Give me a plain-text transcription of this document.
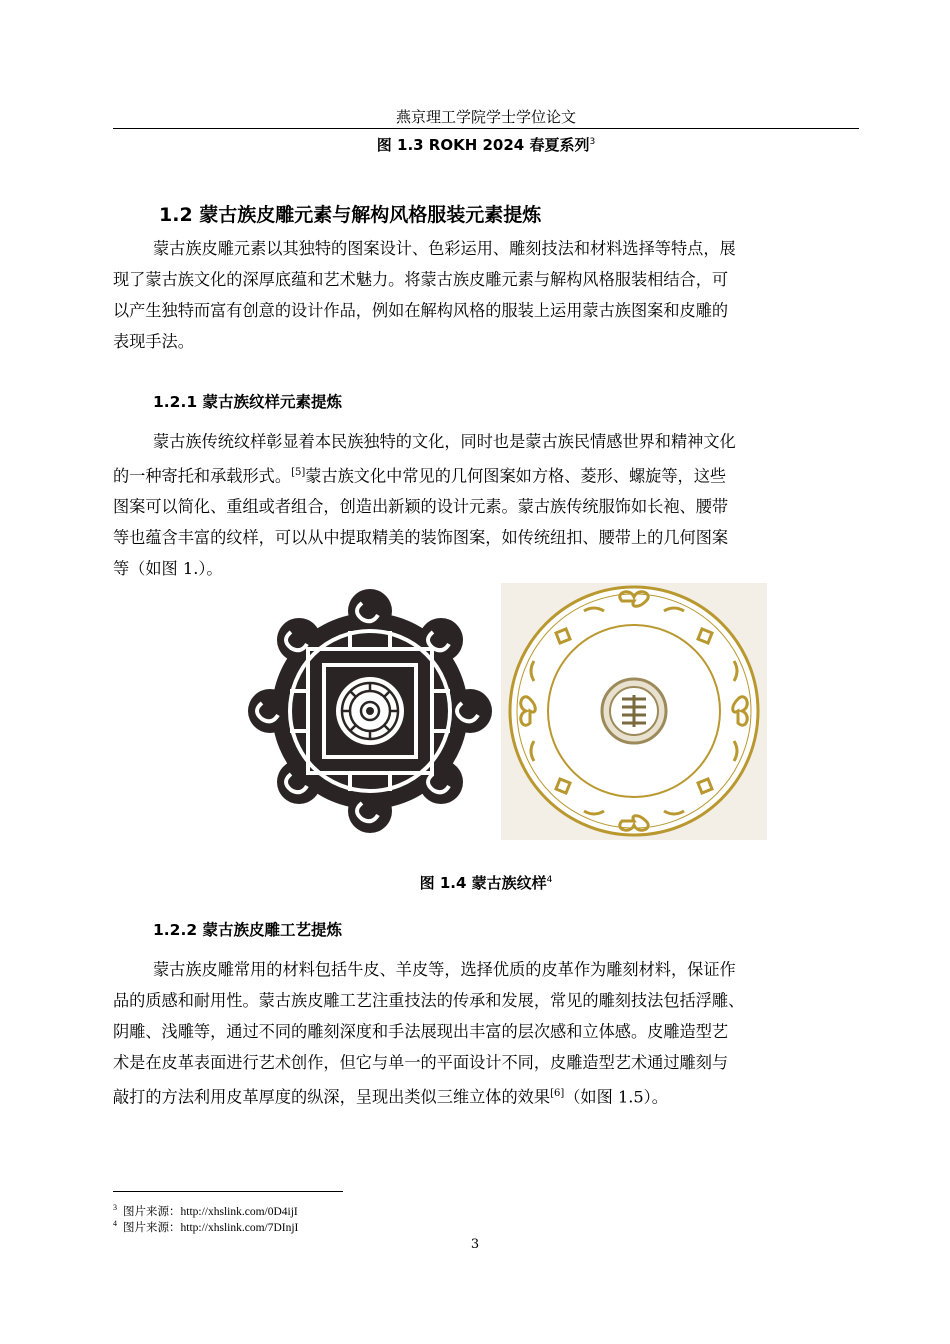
燕京理工学院学士学位论文
图 1.3 ROKH 2024 春夏系列$^3$
1.2 蒙古族皮雕元素与解构风格服装元素提炼
蒙古族皮雕元素以其独特的图案设计、色彩运用、雕刻技法和材料选择等特点，展
现了蒙古族文化的深厚底蕴和艺术魅力。将蒙古族皮雕元素与解构风格服装相结合，可
以产生独特而富有创意的设计作品，例如在解构风格的服装上运用蒙古族图案和皮雕的
表现手法。
1.2.1 蒙古族纹样元素提炼
蒙古族传统纹样彰显着本民族独特的文化，同时也是蒙古族民情感世界和精神文化
的一种寄托和承载形式。[5]蒙古族文化中常见的几何图案如方格、菱形、螺旋等，这些
图案可以简化、重组或者组合，创造出新颖的设计元素。蒙古族传统服饰如长袍、腰带
等也蕴含丰富的纹样，可以从中提取精美的装饰图案，如传统纽扣、腰带上的几何图案
等（如图 1.）。
图 1.4 蒙古族纹样$^4$
1.2.2 蒙古族皮雕工艺提炼
蒙古族皮雕常用的材料包括牛皮、羊皮等，选择优质的皮革作为雕刻材料，保证作
品的质感和耐用性。蒙古族皮雕工艺注重技法的传承和发展，常见的雕刻技法包括浮雕、
阴雕、浅雕等，通过不同的雕刻深度和手法展现出丰富的层次感和立体感。皮雕造型艺
术是在皮革表面进行艺术创作，但它与单一的平面设计不同，皮雕造型艺术通过雕刻与
敲打的方法利用皮革厚度的纵深，呈现出类似三维立体的效果[6]（如图 1.5）。
$^3$ 图片来源：http://xhslink.com/0D4ijI
$^4$ 图片来源：http://xhslink.com/7DInjI
3
